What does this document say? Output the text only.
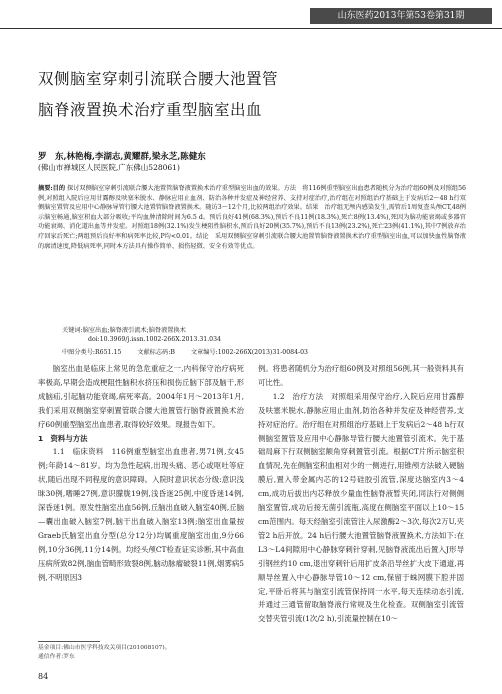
山东医药2013年第53卷第31期
双侧脑室穿刺引流联合腰大池置管
脑脊液置换术治疗重型脑室出血
罗　东,林艳梅,李湖志,黄耀群,梁永芝,陈健东
(佛山市禅城区人民医院,广东佛山528061)
摘要:目的 探讨双侧脑室穿刺引流联合腰大池置管脑脊液置换术治疗重型脑室出血的效果。方法　将116例重型脑室出血患者随机分为治疗组60例及对照组56例,对照组入院后应用甘露醇及呋塞米脱水、静脉应用止血剂、防治各种并发症及神经营养、支持对症治疗,治疗组在对照组治疗基础上于发病后2～48 h行双侧脑室置管及应用中心静脉导管行腰大池置管脑脊液置换术。随访3～12个月,比较两组治疗效果。结果　治疗组无颅内感染发生,需管后1周复查头颅CT,48例示脑室畅通,脑室积血大部分吸收;平均血肿清除时间为6.5 d。预后良好41例(68.3%),预后不良11例(18.3%),死亡8例(13.4%),死因为脑功能衰竭或多器官功能衰竭、消化道出血等并发症。对照组18例(32.1%)发生梗阻性脑积水,预后良好20例(35.7%),预后不良13例(23.2%),死亡23例(41.1%),其中7例放弃治疗回家后死亡;两组预后良好率和病死率比较,P均<0.01。结论　采用双侧脑室穿刺引流联合腰大池置管脑脊液置换术治疗重型脑室出血,可以加快血性脑脊液的廓清速度,降低病死率,同时本方法具有操作简单、损伤轻微、安全有效等优点。
关键词:脑室出血;脑脊液引流术;脑脊液置换术
doi:10.3969/j.issn.1002-266X.2013.31.034
中图分类号:R651.15	文献标志码:B	文章编号:1002-266X(2013)31-0084-03

脑室出血是临床上常见的急危重症之一,内科保守治疗病死率极高,早期会造成梗阻性脑积水挤压和损伤丘脑下部及脑干,形成脑疝,引起脑功能衰竭,病死率高。2004年1月～2013年1月,我们采用双侧脑室穿刺置管联合腰大池置管行脑脊液置换术治疗60例重型脑室出血患者,取得较好效果。现报告如下。

1　资料与方法

1.1　临床资料　116例重型脑室出血患者,男71例,女45例;年龄14～81岁。均为急性起病,出现头痛、恶心或呕吐等症状,随后出现不同程度的意识障碍。入院时意识状态分级:意识浅昧30例,嗜睡27例,意识朦胧19例,浅昏迷25例,中度昏迷14例,深昏迷1例。原发性脑室出血56例,丘脑出血破入脑室40例,丘脑—囊出血破入脑室7例,脑干出血破入脑室13例;脑室出血量按Graeb氏脑室出血分型(总分12分)均属重度脑室出血,9分66例,10分36例,11分14例。均经头颅CT检查证实诊断,其中高血压病所致82例,脑血管畸形致裂8例,脑动脉瘤破裂11例,烟雾病5例,不明原因3

例。将患者随机分为治疗组60例及对照组56例,其一般资料具有可比性。

1.2　治疗方法　对照组采用保守治疗,入院后应用甘露醇及呋塞米脱水,静脉应用止血剂,防治各种并发症及神经营养,支持对症治疗。治疗组在对照组治疗基础上于发病后2～48 h行双侧脑室置管及应用中心静脉导管行腰大池置管引流术。先于基础局麻下行双侧脑室额角穿刺置管引流。根据CT片所示脑室积血情况,先在侧脑室积血相对少的一侧进行,用锥颅方法破入硬脑膜后,置入带金属内芯的12号硅胶引流管,深度达脑室内3～4 cm,成功后拔出内芯释放少量血性脑脊液暂夹闭,同法行对侧侧脑室置管,成功后接无菌引流瓶,高度在侧脑室平面以上10～15 cm范围内。每天经脑室引流管注入尿激酶2～3次,每次2万U,夹管2 h后开放。24 h后行腰大池置管脑脊液置换术,方法如下:在L3～L4间隙用中心静脉穿刺针穿刺,见脑脊液流出后置入J形导引钢丝约10 cm,退出穿刺针后用扩皮条沿导丝扩大皮下通道,再顺导丝置入中心静脉导管10～12 cm,保留于蛛网膜下腔并固定,平卧后将其与脑室引流管保持同一水平,每天连续动态引流,并通过三通管留取脑脊液行常规及生化检查。双侧脑室引流管交替夹管引流(1次/2 h),引流量控制在10～

基金项目:佛山市医学科技攻关项目(201008107)。
通信作者:罗东
84
